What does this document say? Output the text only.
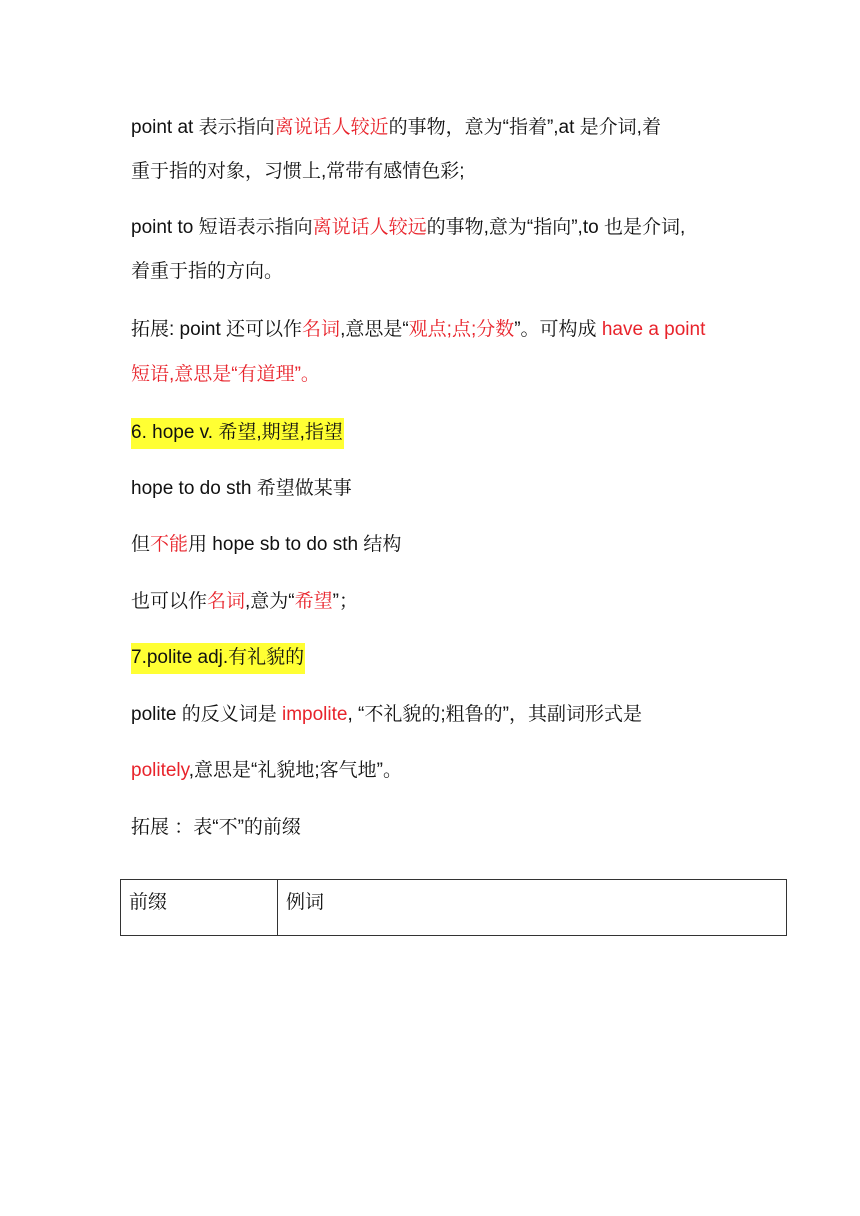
point at 表示指向离说话人较近的事物，意为“指着”,at 是介词,着
重于指的对象，习惯上,常带有感情色彩;
point to 短语表示指向离说话人较远的事物,意为“指向”,to 也是介词,
着重于指的方向。
拓展: point 还可以作名词,意思是“观点;点;分数”。可构成 have a point
短语,意思是“有道理”。
6. hope v. 希望,期望,指望
hope to do sth 希望做某事
但不能用 hope sb to do sth 结构
也可以作名词,意为“希望”；
7.polite adj.有礼貌的
polite 的反义词是 impolite, “不礼貌的;粗鲁的”，其副词形式是
politely,意思是“礼貌地;客气地”。
拓展 ：表“不”的前缀
前缀	例词
